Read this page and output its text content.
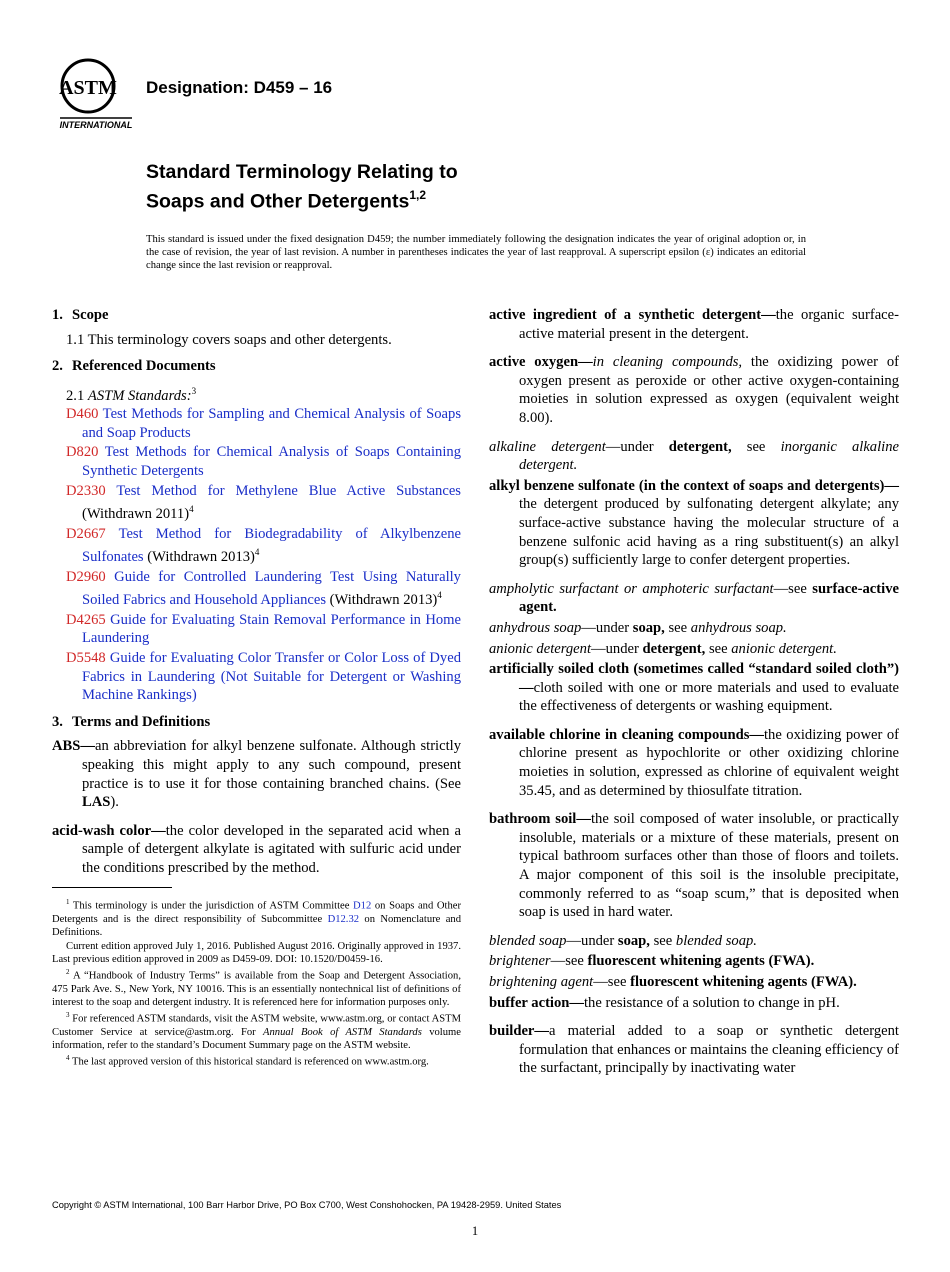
ASTM
INTERNATIONAL
Designation: D459 – 16
Standard Terminology Relating to
Soaps and Other Detergents$^{1,2}$
This standard is issued under the fixed designation D459; the number immediately following the designation indicates the year of original adoption or, in the case of revision, the year of last revision. A number in parentheses indicates the year of last reapproval. A superscript epsilon (ε) indicates an editorial change since the last revision or reapproval.
1. Scope
1.1 This terminology covers soaps and other detergents.
2. Referenced Documents
2.1 ASTM Standards:$^3$
D460 Test Methods for Sampling and Chemical Analysis of Soaps and Soap Products
D820 Test Methods for Chemical Analysis of Soaps Containing Synthetic Detergents
D2330 Test Method for Methylene Blue Active Substances (Withdrawn 2011)$^4$
D2667 Test Method for Biodegradability of Alkylbenzene Sulfonates (Withdrawn 2013)$^4$
D2960 Guide for Controlled Laundering Test Using Naturally Soiled Fabrics and Household Appliances (Withdrawn 2013)$^4$
D4265 Guide for Evaluating Stain Removal Performance in Home Laundering
D5548 Guide for Evaluating Color Transfer or Color Loss of Dyed Fabrics in Laundering (Not Suitable for Detergent or Washing Machine Rankings)
3. Terms and Definitions
ABS—an abbreviation for alkyl benzene sulfonate. Although strictly speaking this might apply to any such compound, present practice is to use it for those containing branched chains. (See LAS).
acid-wash color—the color developed in the separated acid when a sample of detergent alkylate is agitated with sulfuric acid under the conditions prescribed by the method.
$^1$ This terminology is under the jurisdiction of ASTM Committee D12 on Soaps and Other Detergents and is the direct responsibility of Subcommittee D12.32 on Nomenclature and Definitions.
Current edition approved July 1, 2016. Published August 2016. Originally approved in 1937. Last previous edition approved in 2009 as D459-09. DOI: 10.1520/D0459-16.
$^2$ A “Handbook of Industry Terms” is available from the Soap and Detergent Association, 475 Park Ave. S., New York, NY 10016. This is an essentially nontechnical list of definitions of interest to the soap and detergent industry. It is referenced here for information purposes only.
$^3$ For referenced ASTM standards, visit the ASTM website, www.astm.org, or contact ASTM Customer Service at service@astm.org. For Annual Book of ASTM Standards volume information, refer to the standard’s Document Summary page on the ASTM website.
$^4$ The last approved version of this historical standard is referenced on www.astm.org.
active ingredient of a synthetic detergent—the organic surface-active material present in the detergent.
active oxygen—in cleaning compounds, the oxidizing power of oxygen present as peroxide or other active oxygen-containing moieties in solution expressed as oxygen (equivalent weight 8.00).
alkaline detergent—under detergent, see inorganic alkaline detergent.
alkyl benzene sulfonate (in the context of soaps and detergents)—the detergent produced by sulfonating detergent alkylate; any surface-active substance having the molecular structure of a benzene sulfonic acid having as a ring substituent(s) an alkyl group(s) sufficiently large to confer detergent properties.
ampholytic surfactant or amphoteric surfactant—see surface-active agent.
anhydrous soap—under soap, see anhydrous soap.
anionic detergent—under detergent, see anionic detergent.
artificially soiled cloth (sometimes called “standard soiled cloth”)—cloth soiled with one or more materials and used to evaluate the effectiveness of detergents or washing equipment.
available chlorine in cleaning compounds—the oxidizing power of chlorine present as hypochlorite or other oxidizing chlorine moieties in solution, expressed as chlorine of equivalent weight 35.45, and as determined by thiosulfate titration.
bathroom soil—the soil composed of water insoluble, or practically insoluble, materials or a mixture of these materials, present on typical bathroom surfaces other than those of floors and toilets. A major component of this soil is the insoluble precipitate, commonly referred to as “soap scum,” that is deposited when soap is used in hard water.
blended soap—under soap, see blended soap.
brightener—see fluorescent whitening agents (FWA).
brightening agent—see fluorescent whitening agents (FWA).
buffer action—the resistance of a solution to change in pH.
builder—a material added to a soap or synthetic detergent formulation that enhances or maintains the cleaning efficiency of the surfactant, principally by inactivating water
Copyright © ASTM International, 100 Barr Harbor Drive, PO Box C700, West Conshohocken, PA 19428-2959. United States
1
